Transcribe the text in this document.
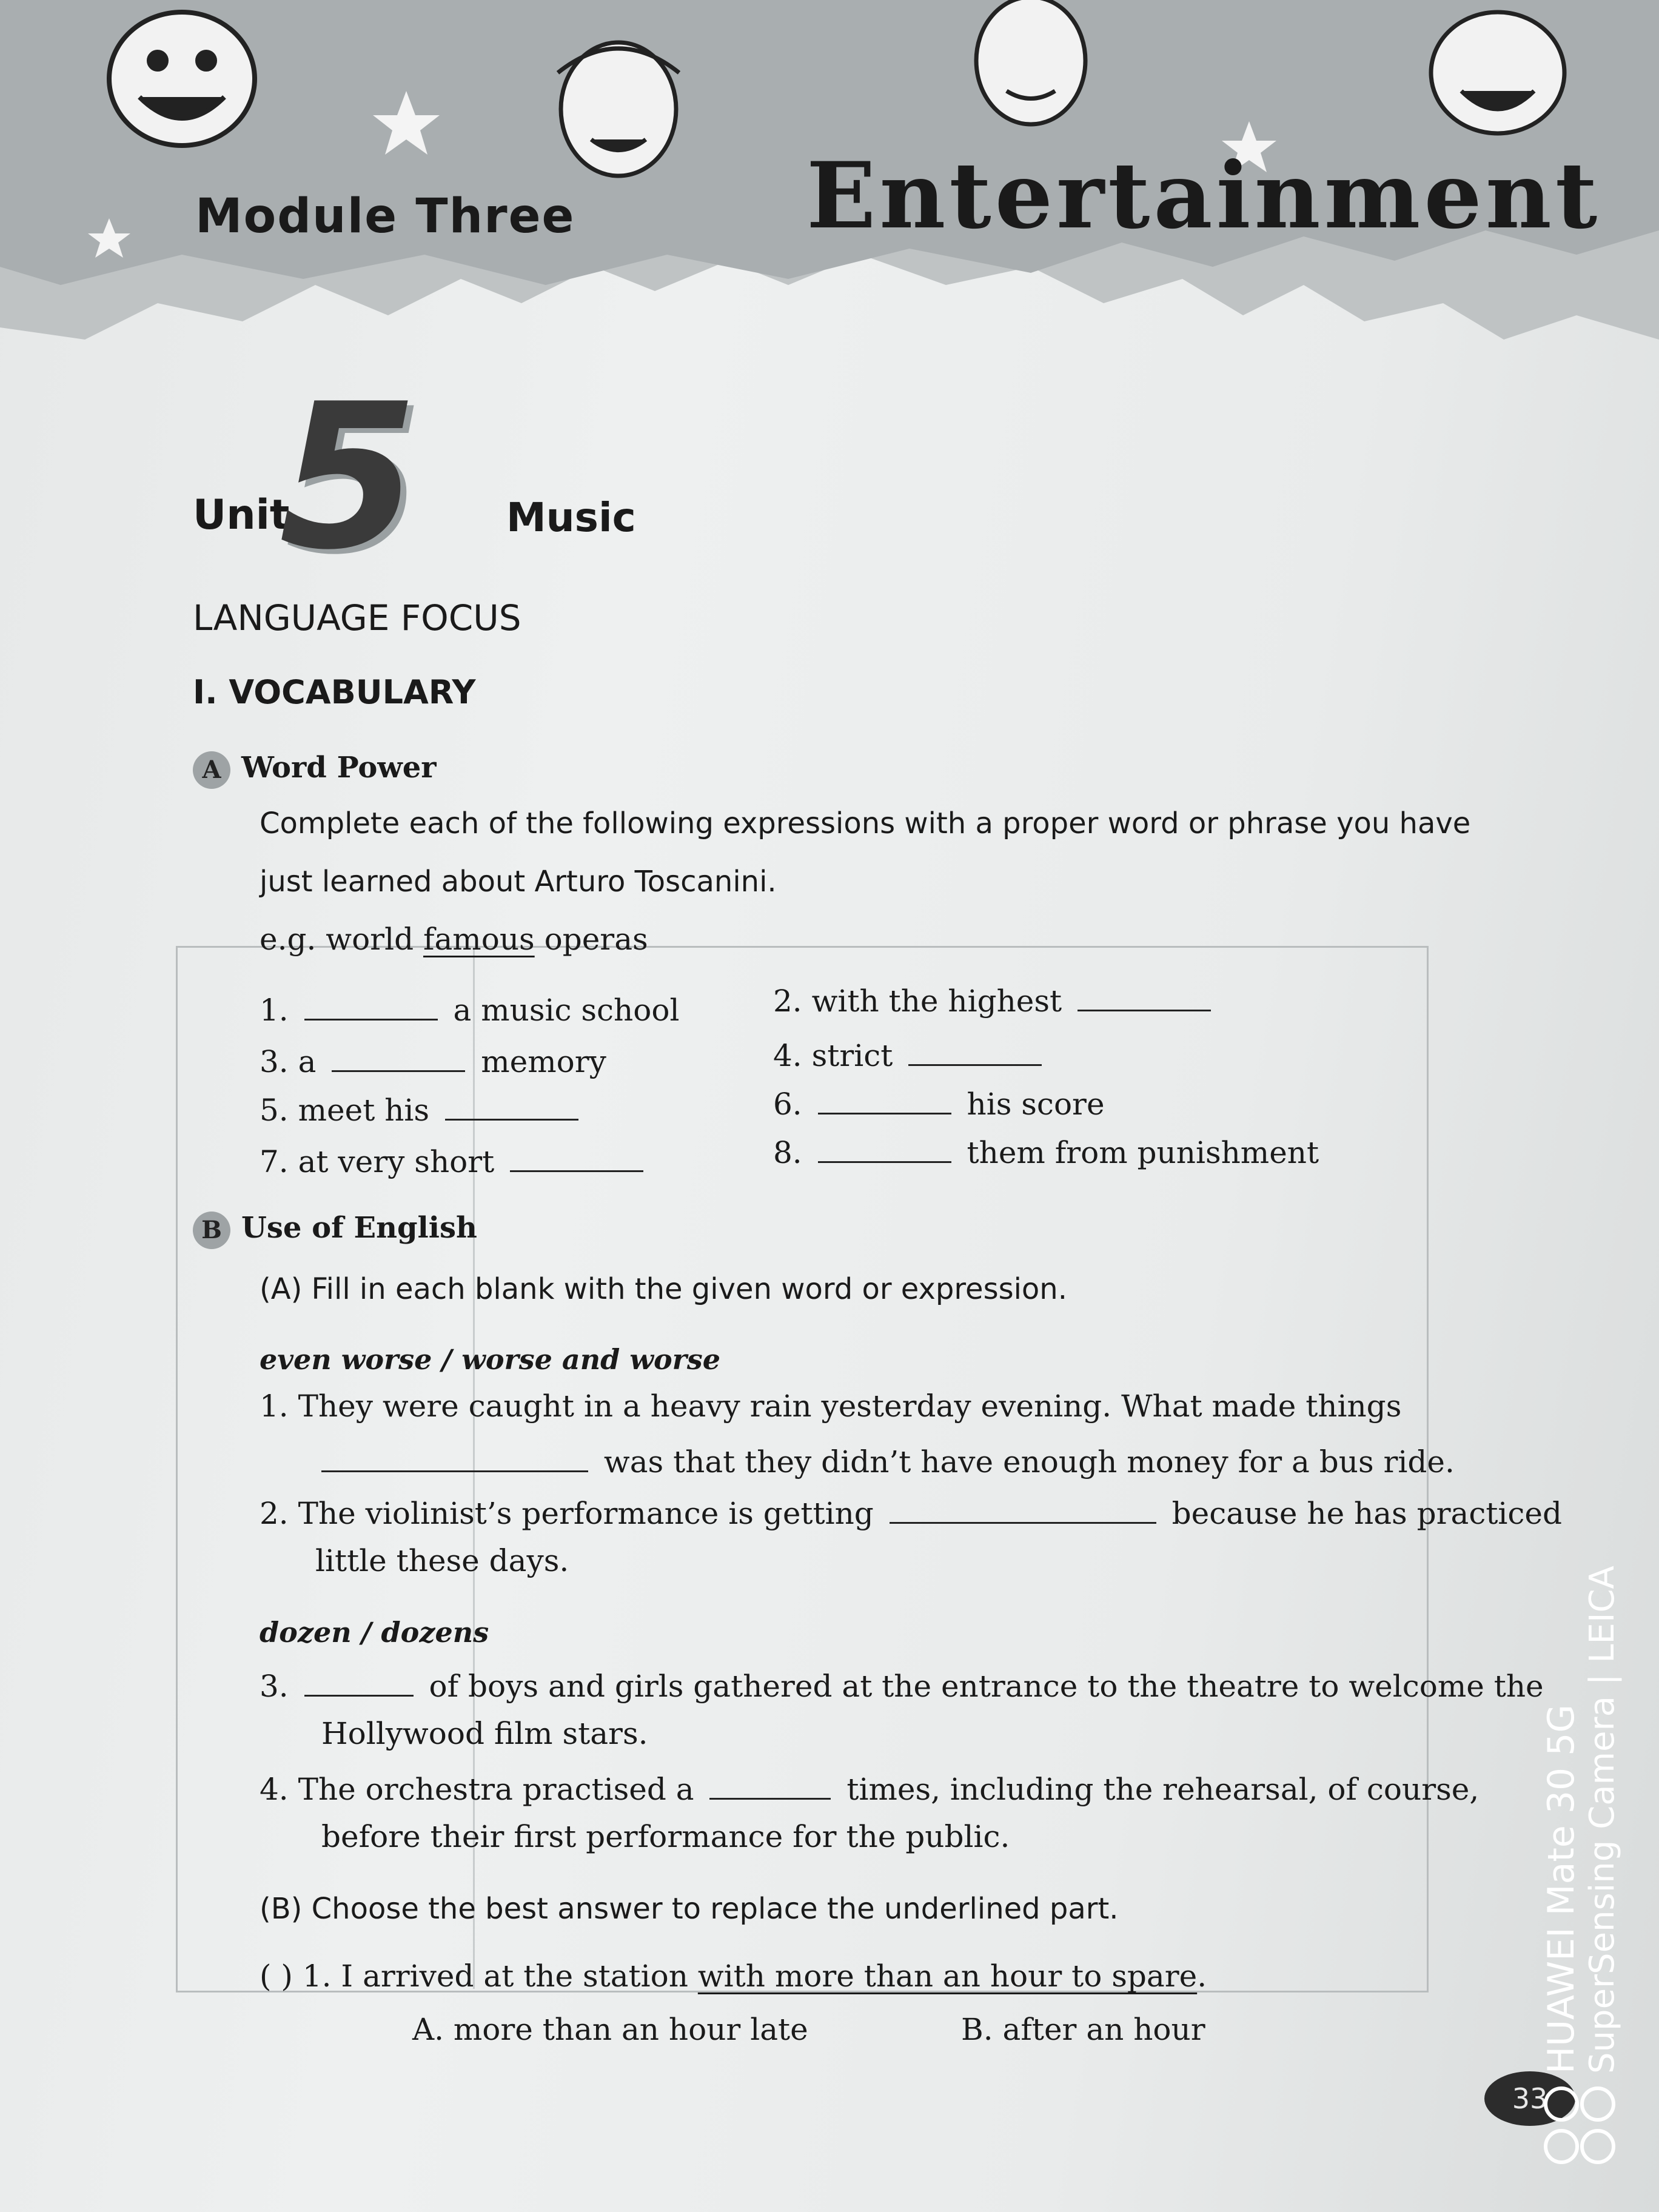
Module Three	Entertainment
Unit
5 Music
LANGUAGE FOCUS
I. VOCABULARY
A Word Power
Complete each of the following expressions with a proper word or phrase you have
just learned about Arturo Toscanini.
e.g. world famous operas
1.	a music school	2. with the highest
3. a	memory	4. strict
5. meet his	6.	his score
7. at very short	8.	them from punishment
B Use of English
(A) Fill in each blank with the given word or expression.
even worse / worse and worse
1. They were caught in a heavy rain yesterday evening. What made things
was that they didn’t have enough money for a bus ride.
2. The violinist’s performance is getting	because he has practiced
little these days.
dozen / dozens
3.	of boys and girls gathered at the entrance to the theatre to welcome the
Hollywood film stars.
4. The orchestra practised a	times, including the rehearsal, of course,
before their first performance for the public.
(B) Choose the best answer to replace the underlined part.
( ) 1. I arrived at the station with more than an hour to spare.
A. more than an hour late	B. after an hour
33
HUAWEI Mate 30 5G SuperSensing Camera | LEICA
